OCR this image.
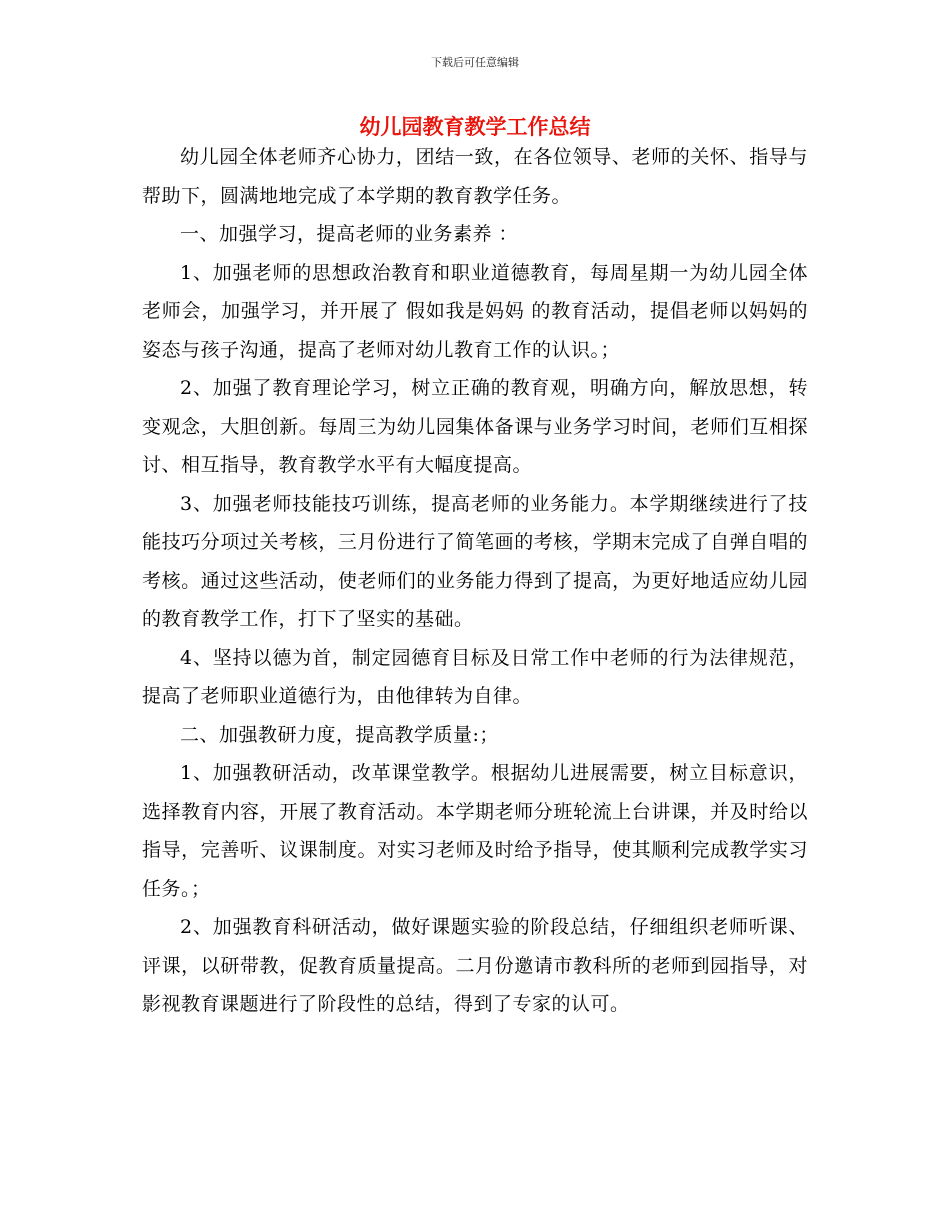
下载后可任意编辑
幼儿园教育教学工作总结

幼儿园全体老师齐心协力，团结一致，在各位领导、老师的关怀、指导与帮助下，圆满地地完成了本学期的教育教学任务。

一、加强学习，提高老师的业务素养 ：

1、加强老师的思想政治教育和职业道德教育，每周星期一为幼儿园全体老师会，加强学习，并开展了 假如我是妈妈 的教育活动，提倡老师以妈妈的姿态与孩子沟通，提高了老师对幼儿教育工作的认识。；

2、加强了教育理论学习，树立正确的教育观，明确方向，解放思想，转变观念，大胆创新。每周三为幼儿园集体备课与业务学习时间，老师们互相探讨、相互指导，教育教学水平有大幅度提高。

3、加强老师技能技巧训练，提高老师的业务能力。本学期继续进行了技能技巧分项过关考核，三月份进行了简笔画的考核，学期末完成了自弹自唱的考核。通过这些活动，使老师们的业务能力得到了提高，为更好地适应幼儿园的教育教学工作，打下了坚实的基础。

4、坚持以德为首，制定园德育目标及日常工作中老师的行为法律规范，提高了老师职业道德行为，由他律转为自律。

二、加强教研力度，提高教学质量:；

1、加强教研活动，改革课堂教学。根据幼儿进展需要，树立目标意识，选择教育内容，开展了教育活动。本学期老师分班轮流上台讲课，并及时给以指导，完善听、议课制度。对实习老师及时给予指导，使其顺利完成教学实习任务。；

2、加强教育科研活动，做好课题实验的阶段总结，仔细组织老师听课、评课，以研带教，促教育质量提高。二月份邀请市教科所的老师到园指导，对影视教育课题进行了阶段性的总结，得到了专家的认可。
